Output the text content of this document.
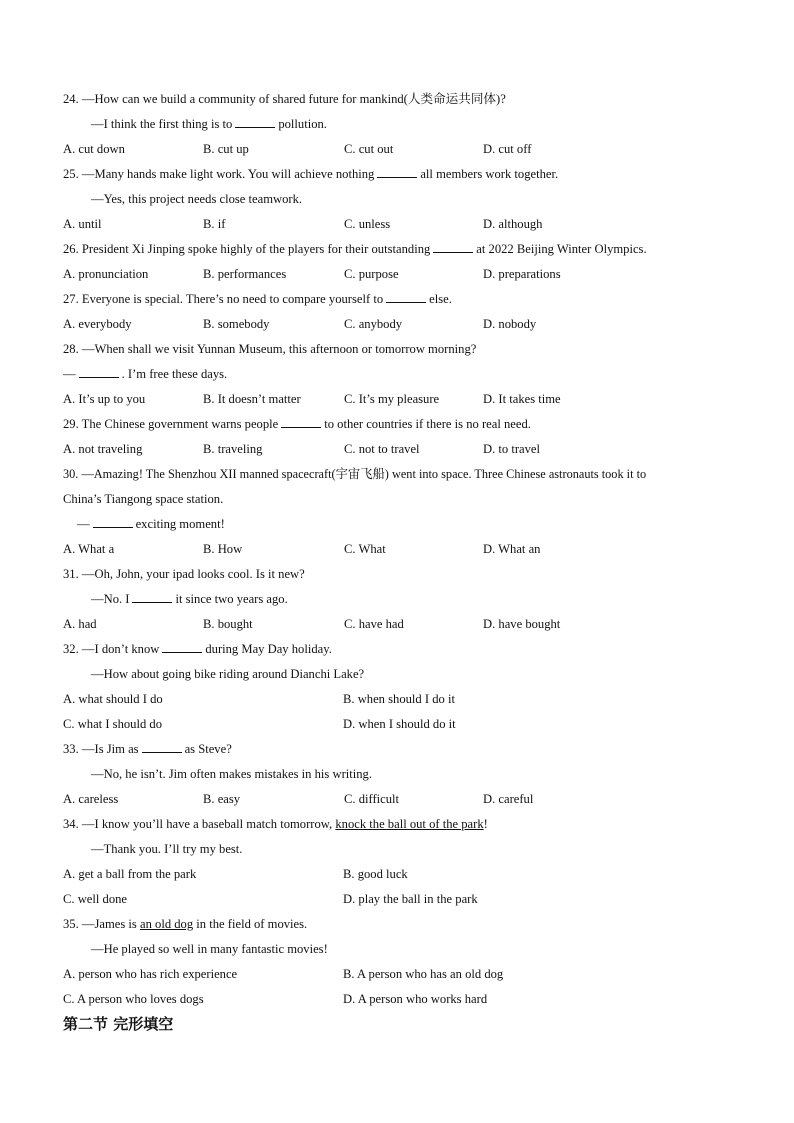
24. —How can we build a community of shared future for mankind(人类命运共同体)?
—I think the first thing is to	pollution.
A. cut down	B. cut up	C. cut out	D. cut off
25. —Many hands make light work. You will achieve nothing	all members work together.
—Yes, this project needs close teamwork.
A. until	B. if	C. unless	D. although
26. President Xi Jinping spoke highly of the players for their outstanding	at 2022 Beijing Winter Olympics.
A. pronunciation	B. performances	C. purpose	D. preparations
27. Everyone is special. There’s no need to compare yourself to	else.
A. everybody	B. somebody	C. anybody	D. nobody
28. —When shall we visit Yunnan Museum, this afternoon or tomorrow morning?
—	. I’m free these days.
A. It’s up to you	B. It doesn’t matter	C. It’s my pleasure	D. It takes time
29. The Chinese government warns people	to other countries if there is no real need.
A. not traveling	B. traveling	C. not to travel	D. to travel
30. —Amazing! The Shenzhou XII manned spacecraft(宇宙飞船) went into space. Three Chinese astronauts took it to
China’s Tiangong space station.
—	exciting moment!
A. What a	B. How	C. What	D. What an
31. —Oh, John, your ipad looks cool. Is it new?
—No. I	it since two years ago.
A. had	B. bought	C. have had	D. have bought
32. —I don’t know	during May Day holiday.
—How about going bike riding around Dianchi Lake?
A. what should I do	B. when should I do it
C. what I should do	D. when I should do it
33. —Is Jim as	as Steve?
—No, he isn’t. Jim often makes mistakes in his writing.
A. careless	B. easy	C. difficult	D. careful
34. —I know you’ll have a baseball match tomorrow, knock the ball out of the park!
—Thank you. I’ll try my best.
A. get a ball from the park	B. good luck
C. well done	D. play the ball in the park
35. —James is an old dog in the field of movies.
—He played so well in many fantastic movies!
A. person who has rich experience	B. A person who has an old dog
C. A person who loves dogs	D. A person who works hard
第二节 完形填空
